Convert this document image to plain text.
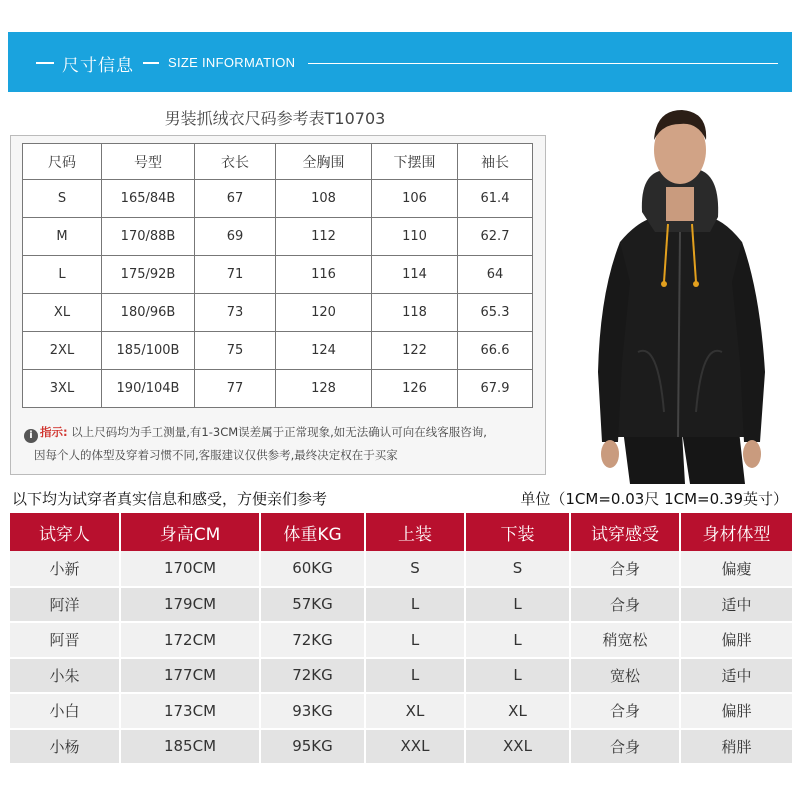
尺寸信息	SIZE INFORMATION
男装抓绒衣尺码参考表T10703
尺码	号型	衣长	全胸围	下摆围	袖长
S	165/84B	67	108	106	61.4
M	170/88B	69	112	110	62.7
L	175/92B	71	116	114	64
XL	180/96B	73	120	118	65.3
2XL	185/100B	75	124	122	66.6
3XL	190/104B	77	128	126	67.9
i 指示: 以上尺码均为手工测量,有1-3CM误差属于正常现象,如无法确认可向在线客服咨询,
因每个人的体型及穿着习惯不同,客服建议仅供参考,最终决定权在于买家
以下均为试穿者真实信息和感受，方便亲们参考	单位（1CM=0.03尺 1CM=0.39英寸）
试穿人	身高CM	体重KG	上装	下装	试穿感受	身材体型
小新	170CM	60KG	S	S	合身	偏瘦
阿洋	179CM	57KG	L	L	合身	适中
阿晋	172CM	72KG	L	L	稍宽松	偏胖
小朱	177CM	72KG	L	L	宽松	适中
小白	173CM	93KG	XL	XL	合身	偏胖
小杨	185CM	95KG	XXL	XXL	合身	稍胖
